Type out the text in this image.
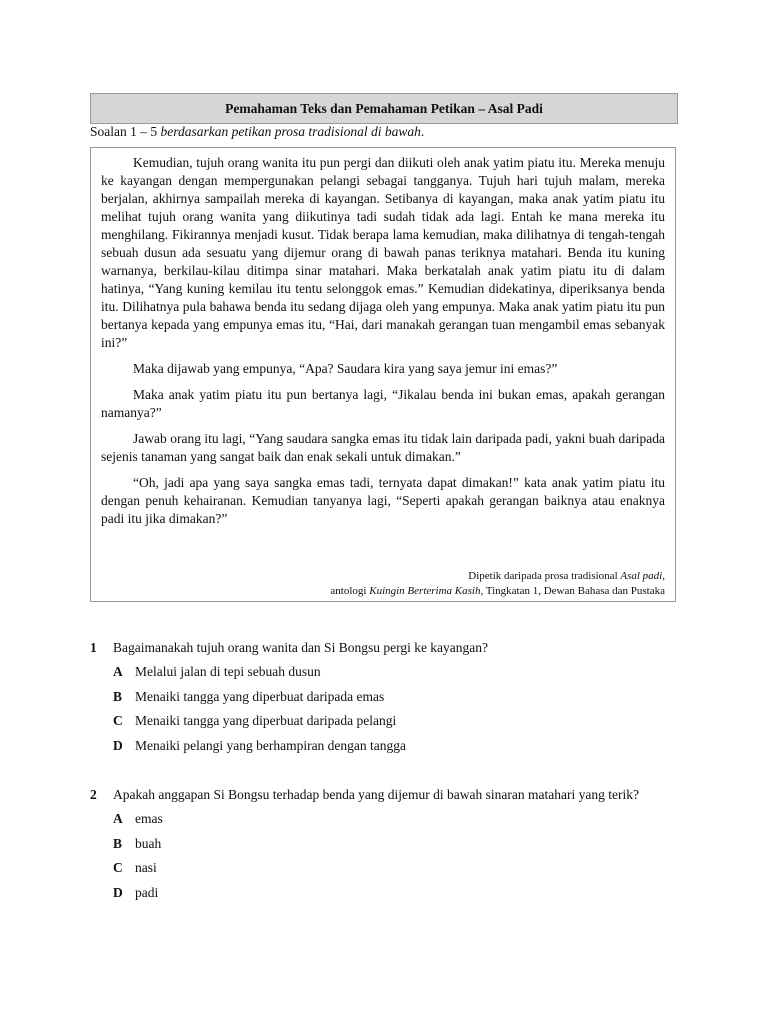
Pemahaman Teks dan Pemahaman Petikan – Asal Padi
Soalan 1 – 5 berdasarkan petikan prosa tradisional di bawah.

Kemudian, tujuh orang wanita itu pun pergi dan diikuti oleh anak yatim piatu itu. Mereka menuju ke kayangan dengan mempergunakan pelangi sebagai tangganya. Tujuh hari tujuh malam, mereka berjalan, akhirnya sampailah mereka di kayangan. Setibanya di kayangan, maka anak yatim piatu itu melihat tujuh orang wanita yang diikutinya tadi sudah tidak ada lagi. Entah ke mana mereka itu menghilang. Fikirannya menjadi kusut. Tidak berapa lama kemudian, maka dilihatnya di tengah-tengah sebuah dusun ada sesuatu yang dijemur orang di bawah panas teriknya matahari. Benda itu kuning warnanya, berkilau-kilau ditimpa sinar matahari. Maka berkatalah anak yatim piatu itu di dalam hatinya, “Yang kuning kemilau itu tentu selonggok emas.” Kemudian didekatinya, diperiksanya benda itu. Dilihatnya pula bahawa benda itu sedang dijaga oleh yang empunya. Maka anak yatim piatu itu pun bertanya kepada yang empunya emas itu, “Hai, dari manakah gerangan tuan mengambil emas sebanyak ini?”

Maka dijawab yang empunya, “Apa? Saudara kira yang saya jemur ini emas?”

Maka anak yatim piatu itu pun bertanya lagi, “Jikalau benda ini bukan emas, apakah gerangan namanya?”

Jawab orang itu lagi, “Yang saudara sangka emas itu tidak lain daripada padi, yakni buah daripada sejenis tanaman yang sangat baik dan enak sekali untuk dimakan.”

“Oh, jadi apa yang saya sangka emas tadi, ternyata dapat dimakan!” kata anak yatim piatu itu dengan penuh kehairanan. Kemudian tanyanya lagi, “Seperti apakah gerangan baiknya atau enaknya padi itu jika dimakan?”

Dipetik daripada prosa tradisional Asal padi,
antologi Kuingin Berterima Kasih, Tingkatan 1, Dewan Bahasa dan Pustaka
1	Bagaimanakah tujuh orang wanita dan Si Bongsu pergi ke kayangan?
A Melalui jalan di tepi sebuah dusun
B Menaiki tangga yang diperbuat daripada emas
C Menaiki tangga yang diperbuat daripada pelangi
D Menaiki pelangi yang berhampiran dengan tangga
2	Apakah anggapan Si Bongsu terhadap benda yang dijemur di bawah sinaran matahari yang terik?
A emas
B buah
C nasi
D padi
